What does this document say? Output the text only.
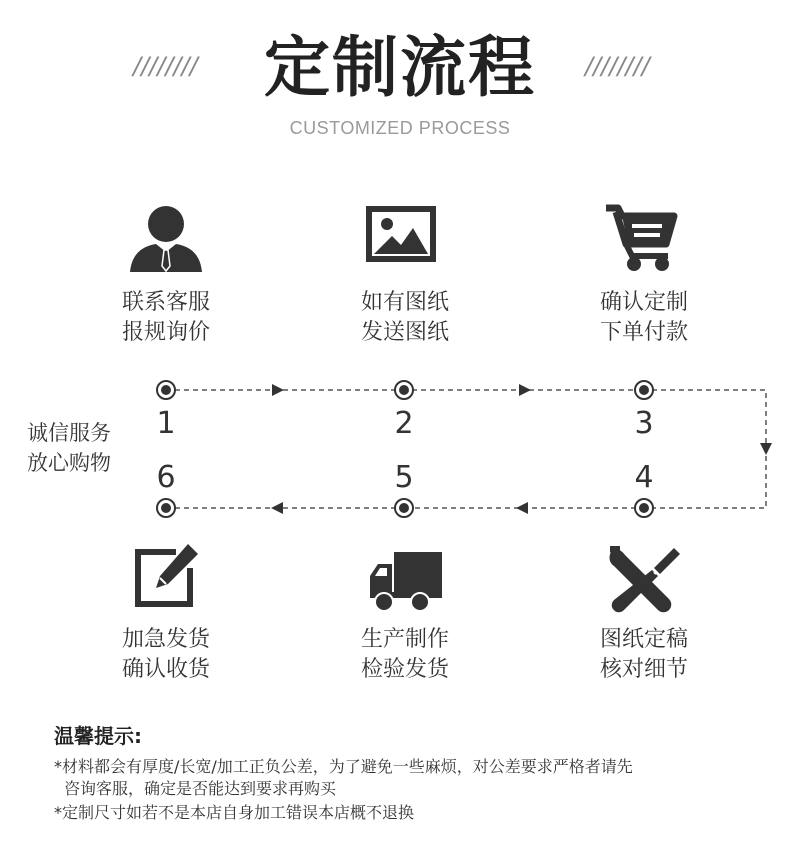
////////	定制流程	////////
CUSTOMIZED PROCESS
联系客服
报规询价
如有图纸
发送图纸
确认定制
下单付款
1	2	3
4
5
6
诚信服务
放心购物
加急发货
确认收货
生产制作
检验发货
图纸定稿
核对细节
温馨提示:
*材料都会有厚度/长宽/加工正负公差，为了避免一些麻烦，对公差要求严格者请先
咨询客服，确定是否能达到要求再购买
*定制尺寸如若不是本店自身加工错误本店概不退换
